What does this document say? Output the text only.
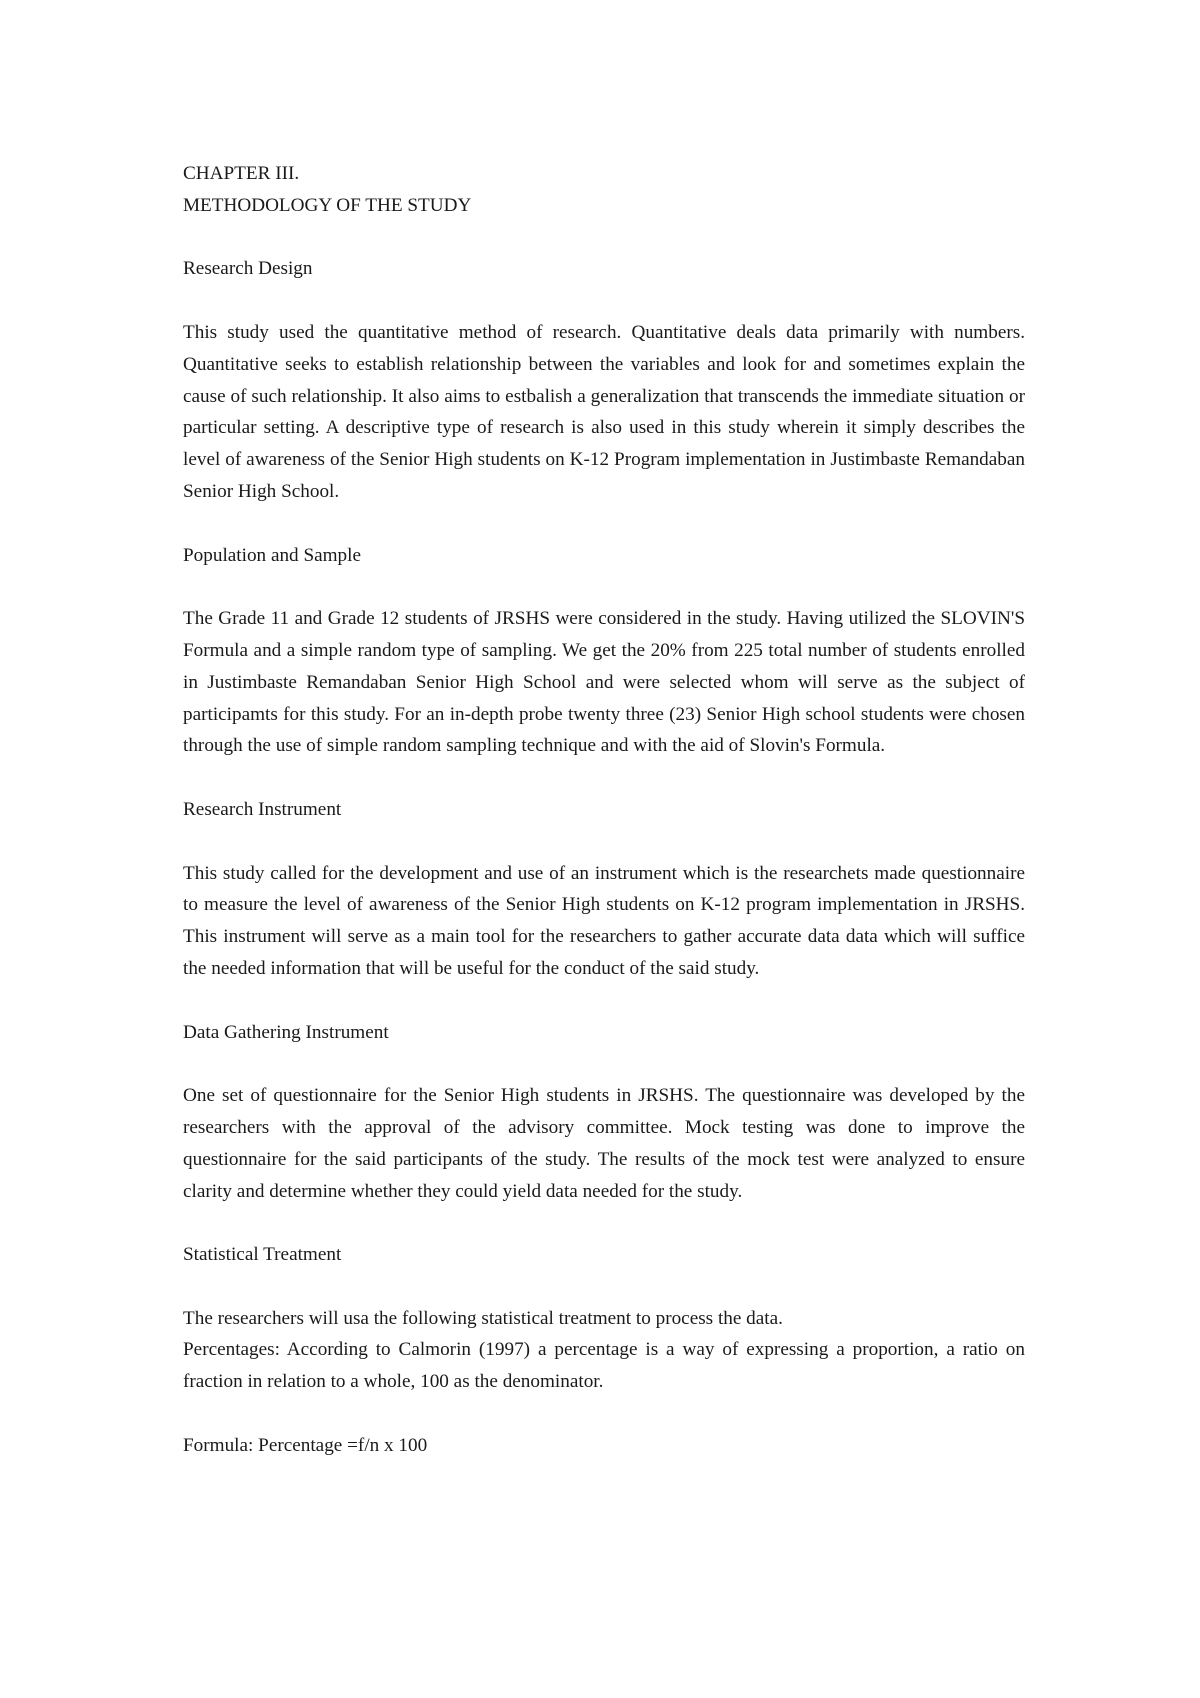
CHAPTER III.

METHODOLOGY OF THE STUDY

Research Design

This study used the quantitative method of research. Quantitative deals data primarily with numbers. Quantitative seeks to establish relationship between the variables and look for and sometimes explain the cause of such relationship. It also aims to estbalish a generalization that transcends the immediate situation or particular setting. A descriptive type of research is also used in this study wherein it simply describes the level of awareness of the Senior High students on K-12 Program implementation in Justimbaste Remandaban Senior High School.

Population and Sample

The Grade 11 and Grade 12 students of JRSHS were considered in the study. Having utilized the SLOVIN'S Formula and a simple random type of sampling. We get the 20% from 225 total number of students enrolled in Justimbaste Remandaban Senior High School and were selected whom will serve as the subject of participamts for this study. For an in-depth probe twenty three (23) Senior High school students were chosen through the use of simple random sampling technique and with the aid of Slovin's Formula.

Research Instrument

This study called for the development and use of an instrument which is the researchets made questionnaire to measure the level of awareness of the Senior High students on K-12 program implementation in JRSHS. This instrument will serve as a main tool for the researchers to gather accurate data data which will suffice the needed information that will be useful for the conduct of the said study.

Data Gathering Instrument

One set of questionnaire for the Senior High students in JRSHS. The questionnaire was developed by the researchers with the approval of the advisory committee. Mock testing was done to improve the questionnaire for the said participants of the study. The results of the mock test were analyzed to ensure clarity and determine whether they could yield data needed for the study.

Statistical Treatment

The researchers will usa the following statistical treatment to process the data.

Percentages: According to Calmorin (1997) a percentage is a way of expressing a proportion, a ratio on fraction in relation to a whole, 100 as the denominator.

Formula: Percentage =f/n x 100
